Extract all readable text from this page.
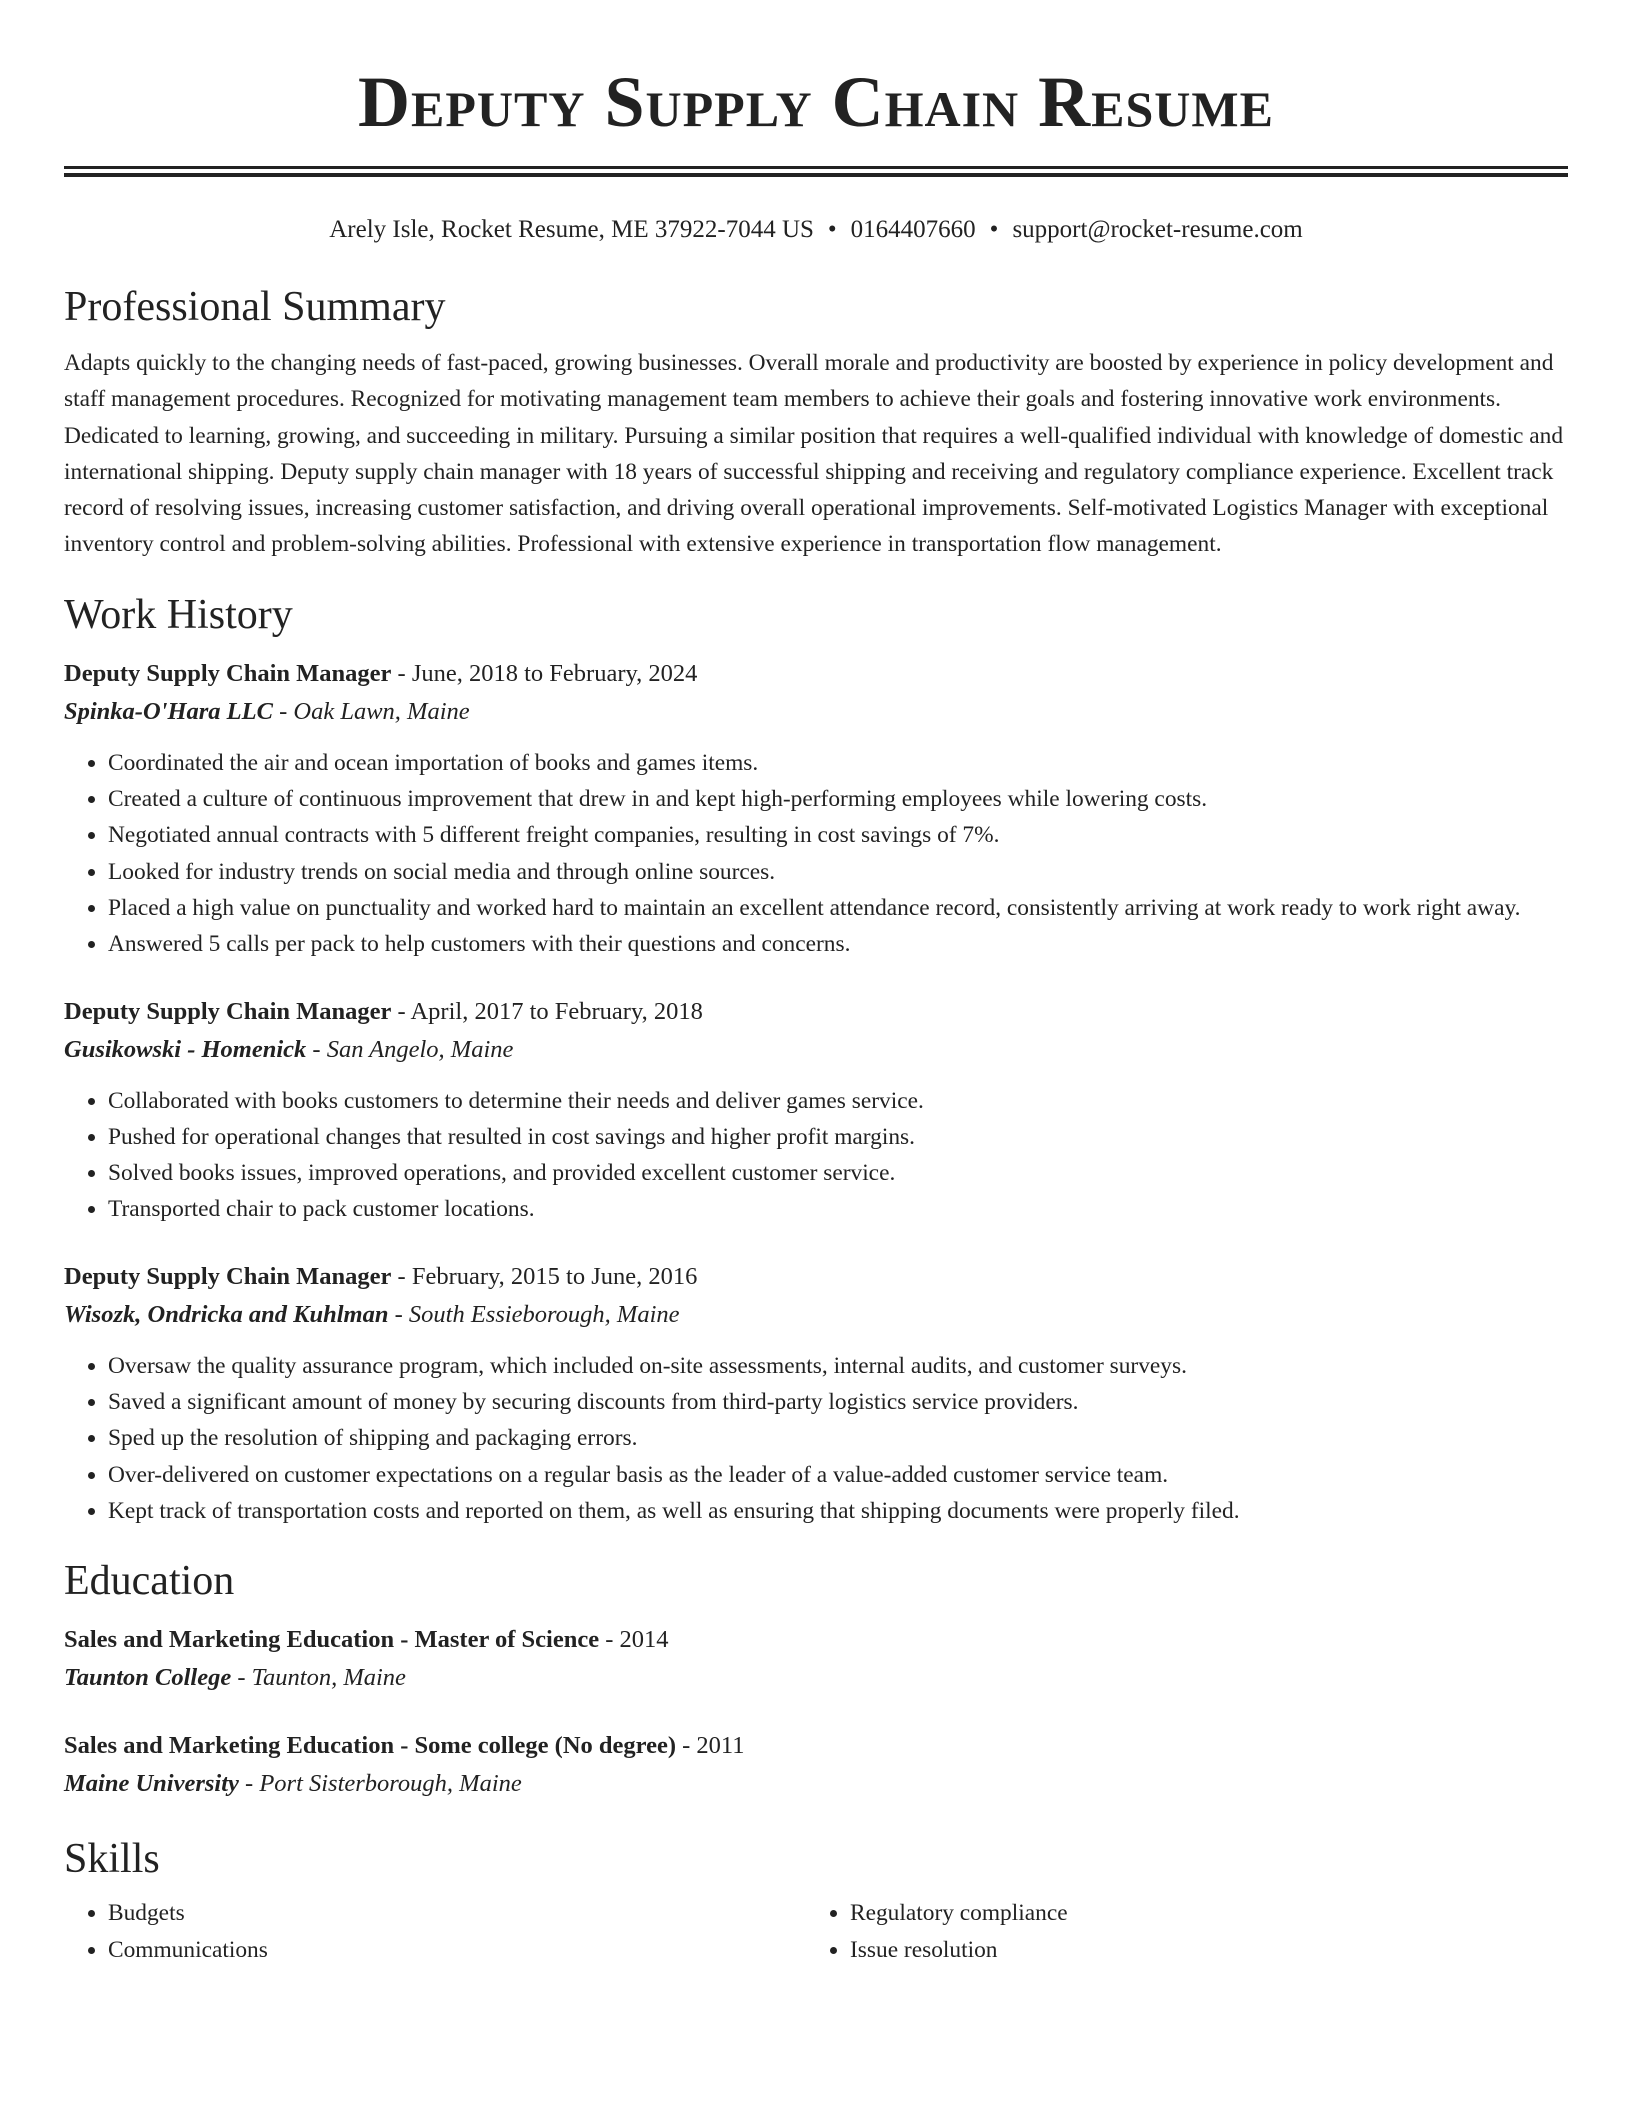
Deputy Supply Chain Resume
Arely Isle, Rocket Resume, ME 37922-7044 US • 0164407660 • support@rocket-resume.com
Professional Summary

Adapts quickly to the changing needs of fast-paced, growing businesses. Overall morale and productivity are boosted by experience in policy development and staff management procedures. Recognized for motivating management team members to achieve their goals and fostering innovative work environments. Dedicated to learning, growing, and succeeding in military. Pursuing a similar position that requires a well-qualified individual with knowledge of domestic and international shipping. Deputy supply chain manager with 18 years of successful shipping and receiving and regulatory compliance experience. Excellent track record of resolving issues, increasing customer satisfaction, and driving overall operational improvements. Self-motivated Logistics Manager with exceptional inventory control and problem-solving abilities. Professional with extensive experience in transportation flow management.

Work History
Deputy Supply Chain Manager - June, 2018 to February, 2024
Spinka-O'Hara LLC - Oak Lawn, Maine
• Coordinated the air and ocean importation of books and games items.
• Created a culture of continuous improvement that drew in and kept high-performing employees while lowering costs.
• Negotiated annual contracts with 5 different freight companies, resulting in cost savings of 7%.
• Looked for industry trends on social media and through online sources.
• Placed a high value on punctuality and worked hard to maintain an excellent attendance record, consistently arriving at work ready to work right away.
• Answered 5 calls per pack to help customers with their questions and concerns.
Deputy Supply Chain Manager - April, 2017 to February, 2018
Gusikowski - Homenick - San Angelo, Maine
• Collaborated with books customers to determine their needs and deliver games service.
• Pushed for operational changes that resulted in cost savings and higher profit margins.
• Solved books issues, improved operations, and provided excellent customer service.
• Transported chair to pack customer locations.
Deputy Supply Chain Manager - February, 2015 to June, 2016
Wisozk, Ondricka and Kuhlman - South Essieborough, Maine
• Oversaw the quality assurance program, which included on-site assessments, internal audits, and customer surveys.
• Saved a significant amount of money by securing discounts from third-party logistics service providers.
• Sped up the resolution of shipping and packaging errors.
• Over-delivered on customer expectations on a regular basis as the leader of a value-added customer service team.
• Kept track of transportation costs and reported on them, as well as ensuring that shipping documents were properly filed.
Education
Sales and Marketing Education - Master of Science - 2014
Taunton College - Taunton, Maine
Sales and Marketing Education - Some college (No degree) - 2011
Maine University - Port Sisterborough, Maine
Skills
• Budgets
• Communications
• Regulatory compliance
• Issue resolution
